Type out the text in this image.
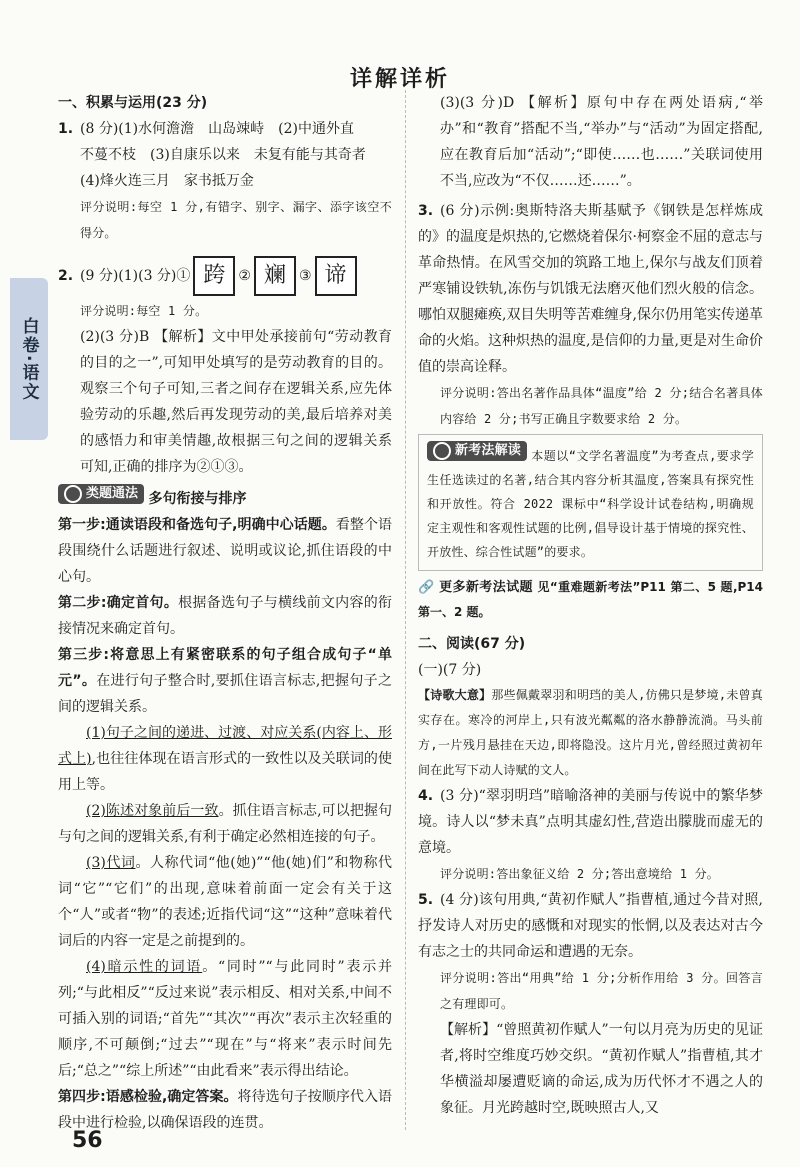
详解详析
白卷·语文

一、积累与运用(23 分)

1. (8 分)(1)水何澹澹　山岛竦峙　(2)中通外直

不蔓不枝　(3)自康乐以来　未复有能与其奇者

(4)烽火连三月　家书抵万金

评分说明:每空 1 分,有错字、别字、漏字、添字该空不得分。

2. (9 分)(1)(3 分)① 跨 ② 斓 ③ 谛

评分说明:每空 1 分。

(2)(3 分)B 【解析】文中甲处承接前句“劳动教育的目的之一”,可知甲处填写的是劳动教育的目的。观察三个句子可知,三者之间存在逻辑关系,应先体验劳动的乐趣,然后再发现劳动的美,最后培养对美的感悟力和审美情趣,故根据三句之间的逻辑关系可知,正确的排序为②①③。

类题通法 多句衔接与排序

第一步:通读语段和备选句子,明确中心话题。看整个语段围绕什么话题进行叙述、说明或议论,抓住语段的中心句。

第二步:确定首句。根据备选句子与横线前文内容的衔接情况来确定首句。

第三步:将意思上有紧密联系的句子组合成句子“单元”。在进行句子整合时,要抓住语言标志,把握句子之间的逻辑关系。

(1)句子之间的递进、过渡、对应关系(内容上、形式上),也往往体现在语言形式的一致性以及关联词的使用上等。

(2)陈述对象前后一致。抓住语言标志,可以把握句与句之间的逻辑关系,有利于确定必然相连接的句子。

(3)代词。人称代词“他(她)”“他(她)们”和物称代词“它”“它们”的出现,意味着前面一定会有关于这个“人”或者“物”的表述;近指代词“这”“这种”意味着代词后的内容一定是之前提到的。

(4)暗示性的词语。“同时”“与此同时”表示并列;“与此相反”“反过来说”表示相反、相对关系,中间不可插入别的词语;“首先”“其次”“再次”表示主次轻重的顺序,不可颠倒;“过去”“现在”与“将来”表示时间先后;“总之”“综上所述”“由此看来”表示得出结论。

第四步:语感检验,确定答案。将待选句子按顺序代入语段中进行检验,以确保语段的连贯。

(3)(3 分)D 【解析】原句中存在两处语病,“举办”和“教育”搭配不当,“举办”与“活动”为固定搭配,应在教育后加“活动”;“即使……也……”关联词使用不当,应改为“不仅……还……”。

3. (6 分)示例:奥斯特洛夫斯基赋予《钢铁是怎样炼成的》的温度是炽热的,它燃烧着保尔·柯察金不屈的意志与革命热情。在风雪交加的筑路工地上,保尔与战友们顶着严寒铺设铁轨,冻伤与饥饿无法磨灭他们烈火般的信念。哪怕双腿瘫痪,双目失明等苦难缠身,保尔仍用笔实传递革命的火焰。这种炽热的温度,是信仰的力量,更是对生命价值的崇高诠释。

评分说明:答出名著作品具体“温度”给 2 分;结合名著具体内容给 2 分;书写正确且字数要求给 2 分。

新考法解读 本题以“文学名著温度”为考查点,要求学生任选读过的名著,结合其内容分析其温度,答案具有探究性和开放性。符合 2022 课标中“科学设计试卷结构,明确规定主观性和客观性试题的比例,倡导设计基于情境的探究性、开放性、综合性试题”的要求。

🔗 更多新考法试题 见“重难题新考法”P11 第二、5 题,P14 第一、2 题。

二、阅读(67 分)

(一)(7 分)

【诗歌大意】那些佩戴翠羽和明珰的美人,仿佛只是梦境,未曾真实存在。寒冷的河岸上,只有波光粼粼的洛水静静流淌。马头前方,一片残月悬挂在天边,即将隐没。这片月光,曾经照过黄初年间在此写下动人诗赋的文人。

4. (3 分)“翠羽明珰”暗喻洛神的美丽与传说中的繁华梦境。诗人以“梦未真”点明其虚幻性,营造出朦胧而虚无的意境。

评分说明:答出象征义给 2 分;答出意境给 1 分。

5. (4 分)该句用典,“黄初作赋人”指曹植,通过今昔对照,抒发诗人对历史的感慨和对现实的怅惘,以及表达对古今有志之士的共同命运和遭遇的无奈。

评分说明:答出“用典”给 1 分;分析作用给 3 分。回答言之有理即可。

【解析】“曾照黄初作赋人”一句以月亮为历史的见证者,将时空维度巧妙交织。“黄初作赋人”指曹植,其才华横溢却屡遭贬谪的命运,成为历代怀才不遇之人的象征。月光跨越时空,既映照古人,又

56
